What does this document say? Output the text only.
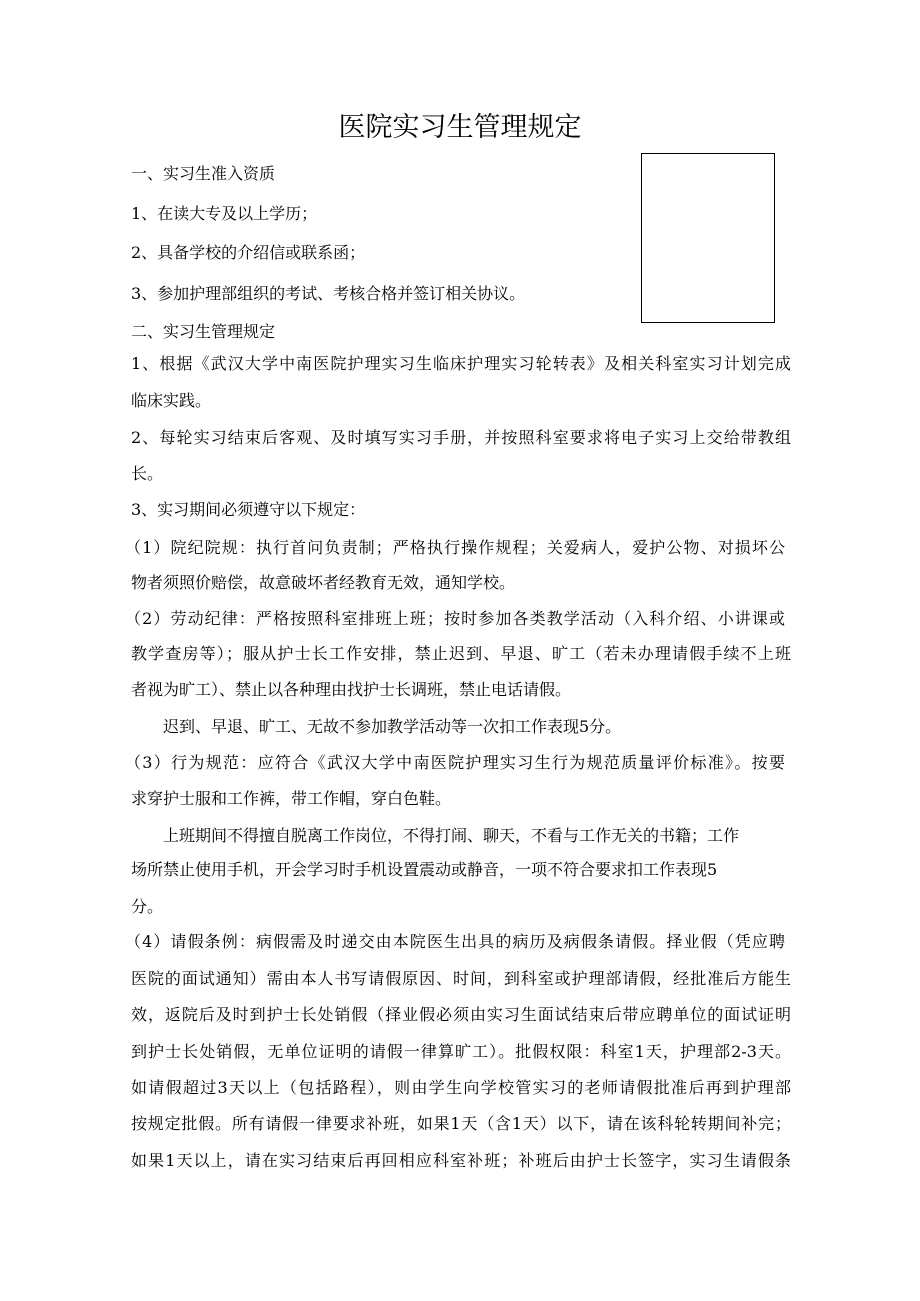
医院实习生管理规定
一、实习生准入资质
1、在读大专及以上学历；
2、具备学校的介绍信或联系函；
3、参加护理部组织的考试、考核合格并签订相关协议。
二、实习生管理规定
1、根据《武汉大学中南医院护理实习生临床护理实习轮转表》及相关科室实习计划完成
临床实践。
2、每轮实习结束后客观、及时填写实习手册，并按照科室要求将电子实习上交给带教组
长。
3、实习期间必须遵守以下规定：
（1）院纪院规：执行首问负责制；严格执行操作规程；关爱病人，爱护公物、对损坏公
物者须照价赔偿，故意破坏者经教育无效，通知学校。
（2）劳动纪律：严格按照科室排班上班；按时参加各类教学活动（入科介绍、小讲课或
教学查房等）；服从护士长工作安排，禁止迟到、早退、旷工（若未办理请假手续不上班
者视为旷工）、禁止以各种理由找护士长调班，禁止电话请假。
迟到、早退、旷工、无故不参加教学活动等一次扣工作表现5分。
（3）行为规范：应符合《武汉大学中南医院护理实习生行为规范质量评价标准》。按要
求穿护士服和工作裤，带工作帽，穿白色鞋。
上班期间不得擅自脱离工作岗位，不得打闹、聊天，不看与工作无关的书籍；工作
场所禁止使用手机，开会学习时手机设置震动或静音，一项不符合要求扣工作表现5
分。
（4）请假条例：病假需及时递交由本院医生出具的病历及病假条请假。择业假（凭应聘
医院的面试通知）需由本人书写请假原因、时间，到科室或护理部请假，经批准后方能生
效，返院后及时到护士长处销假（择业假必须由实习生面试结束后带应聘单位的面试证明
到护士长处销假，无单位证明的请假一律算旷工）。批假权限：科室1天，护理部2-3天。
如请假超过3天以上（包括路程），则由学生向学校管实习的老师请假批准后再到护理部
按规定批假。所有请假一律要求补班，如果1天（含1天）以下，请在该科轮转期间补完；
如果1天以上，请在实习结束后再回相应科室补班；补班后由护士长签字，实习生请假条
